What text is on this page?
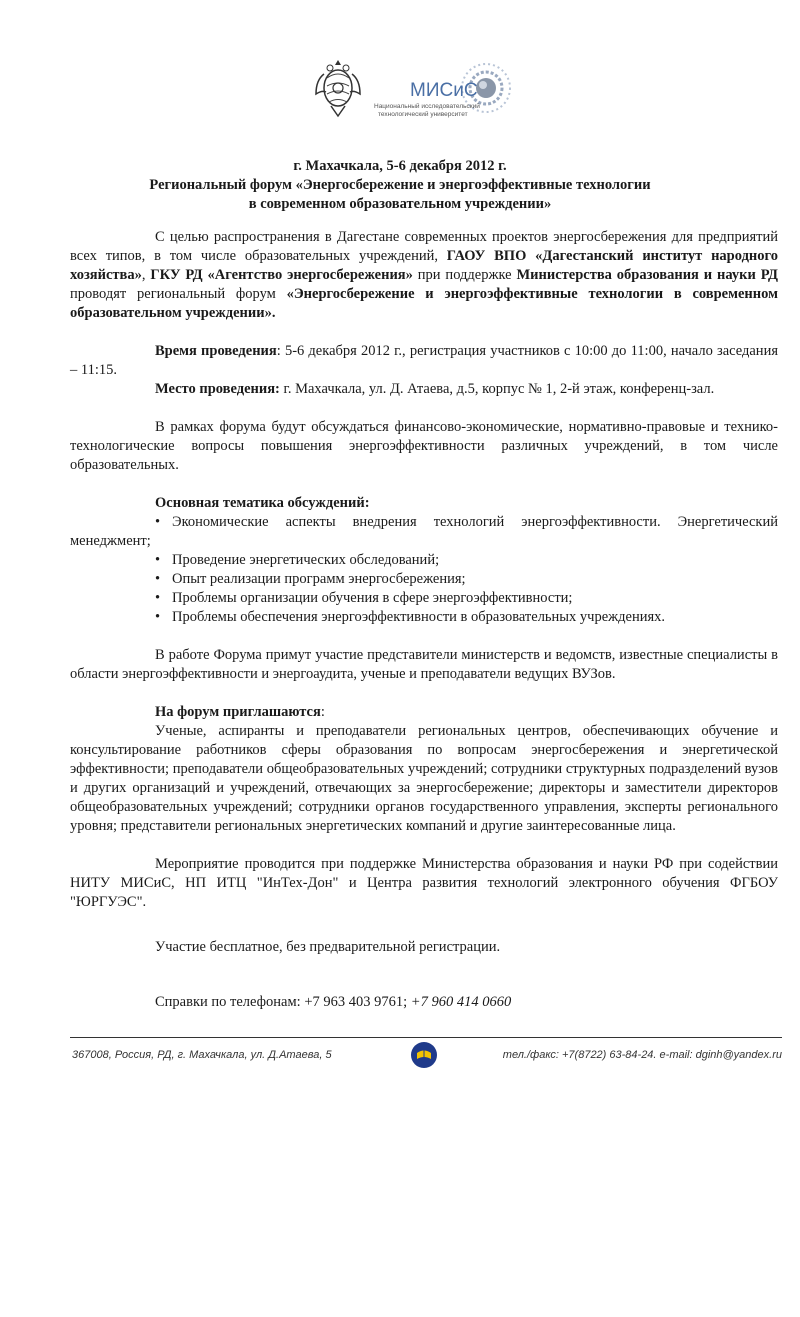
МИСиС
Национальный исследовательский
технологический университет
г. Махачкала, 5-6 декабря 2012 г.
Региональный форум «Энергосбережение и энергоэффективные технологии
в современном образовательном учреждении»

С целью распространения в Дагестане современных проектов энергосбережения для предприятий всех типов, в том числе образовательных учреждений, ГАОУ ВПО «Дагестанский институт народного хозяйства», ГКУ РД «Агентство энергосбережения» при поддержке Министерства образования и науки РД проводят региональный форум «Энергосбережение и энергоэффективные технологии в современном образовательном учреждении».

Время проведения: 5-6 декабря 2012 г., регистрация участников с 10:00 до 11:00, начало заседания – 11:15.

Место проведения: г. Махачкала, ул. Д. Атаева, д.5, корпус № 1, 2-й этаж, конференц-зал.

В рамках форума будут обсуждаться финансово-экономические, нормативно-правовые и технико-технологические вопросы повышения энергоэффективности различных учреждений, в том числе образовательных.

Основная тематика обсуждений:

• Экономические аспекты внедрения технологий энергоэффективности. Энергетический менеджмент;
• Проведение энергетических обследований;
• Опыт реализации программ энергосбережения;
• Проблемы организации обучения в сфере энергоэффективности;
• Проблемы обеспечения энергоэффективности в образовательных учреждениях.

В работе Форума примут участие представители министерств и ведомств, известные специалисты в области энергоэффективности и энергоаудита, ученые и преподаватели ведущих ВУЗов.

На форум приглашаются:

Ученые, аспиранты и преподаватели региональных центров, обеспечивающих обучение и консультирование работников сферы образования по вопросам энергосбережения и энергетической эффективности; преподаватели общеобразовательных учреждений; сотрудники структурных подразделений вузов и других организаций и учреждений, отвечающих за энергосбережение; директоры и заместители директоров общеобразовательных учреждений; сотрудники органов государственного управления, эксперты регионального уровня; представители региональных энергетических компаний и другие заинтересованные лица.

Мероприятие проводится при поддержке Министерства образования и науки РФ при содействии НИТУ МИСиС, НП ИТЦ "ИнТех-Дон" и Центра развития технологий электронного обучения ФГБОУ "ЮРГУЭС".

Участие бесплатное, без предварительной регистрации.
Справки по телефонам: +7 963 403 9761; +7 960 414 0660
367008, Россия, РД, г. Махачкала, ул. Д.Атаева, 5	тел./факс: +7(8722) 63-84-24. e-mail: dginh@yandex.ru
